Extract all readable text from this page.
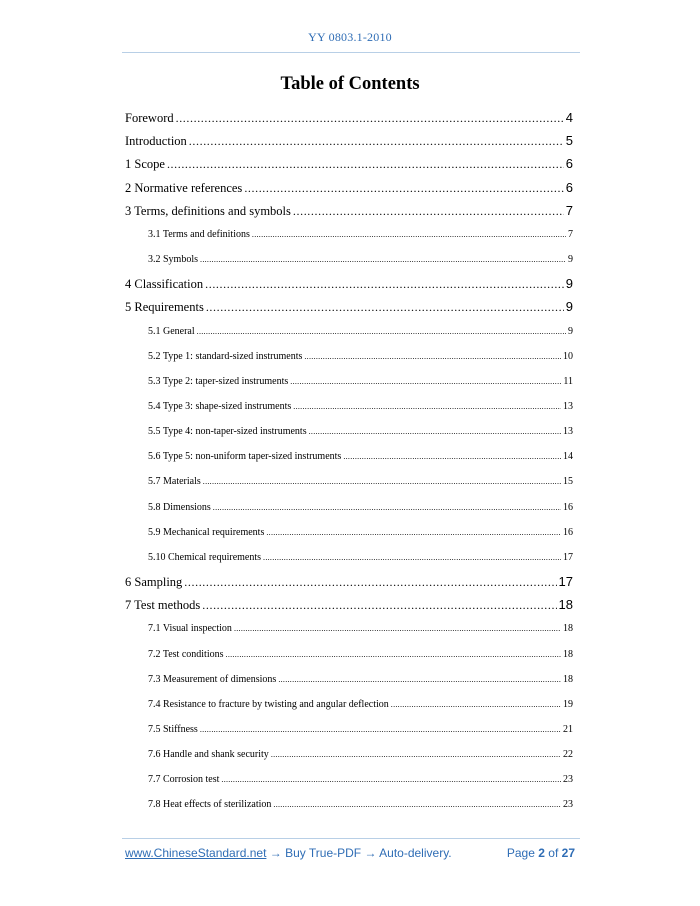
YY 0803.1-2010
Table of Contents
Foreword .....	4
Introduction .....	5
1 Scope .....	6
2 Normative references .....	6
3 Terms, definitions and symbols .....	7
3.1 Terms and definitions .....	7
3.2 Symbols .....	9
4 Classification .....	9
5 Requirements .....	9
5.1 General .....	9
5.2 Type 1: standard-sized instruments .....	10
5.3 Type 2: taper-sized instruments .....	11
5.4 Type 3: shape-sized instruments .....	13
5.5 Type 4: non-taper-sized instruments .....	13
5.6 Type 5: non-uniform taper-sized instruments .....	14
5.7 Materials .....	15
5.8 Dimensions .....	16
5.9 Mechanical requirements .....	16
5.10 Chemical requirements .....	17
6 Sampling .....	17
7 Test methods .....	18
7.1 Visual inspection .....	18
7.2 Test conditions .....	18
7.3 Measurement of dimensions .....	18
7.4 Resistance to fracture by twisting and angular deflection .....	19
7.5 Stiffness .....	21
7.6 Handle and shank security .....	22
7.7 Corrosion test .....	23
7.8 Heat effects of sterilization .....	23
www.ChineseStandard.net → Buy True-PDF → Auto-delivery.	Page 2 of 27
